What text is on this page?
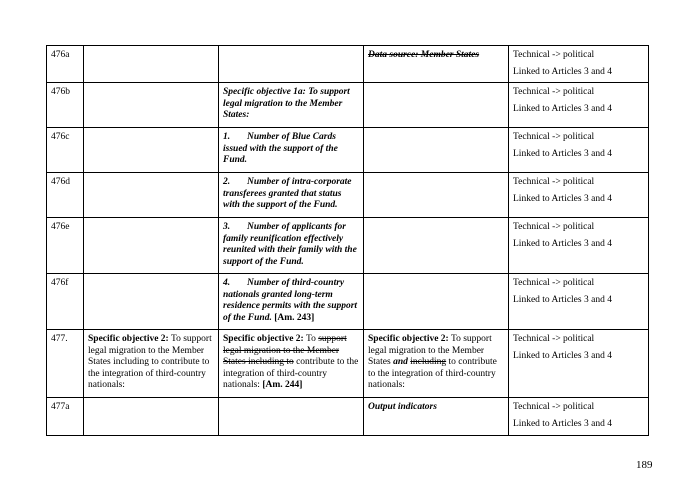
476a			Data source: Member States	Technical -> political
Linked to Articles 3 and 4

476b		Specific objective 1a: To support legal migration to the Member States:		Technical -> political
Linked to Articles 3 and 4

476c		1. Number of Blue Cards issued with the support of the Fund.		Technical -> political
Linked to Articles 3 and 4

476d		2. Number of intra-corporate transferees granted that status with the support of the Fund.		Technical -> political
Linked to Articles 3 and 4

476e		3. Number of applicants for family reunification effectively reunited with their family with the support of the Fund.		Technical -> political
Linked to Articles 3 and 4

476f		4. Number of third-country nationals granted long-term residence permits with the support of the Fund. [Am. 243]		Technical -> political
Linked to Articles 3 and 4

477.	Specific objective 2: To support legal migration to the Member States including to contribute to the integration of third-country nationals:	Specific objective 2: To support legal migration to the Member States including to contribute to the integration of third-country nationals: [Am. 244]	Specific objective 2: To support legal migration to the Member States and including to contribute to the integration of third-country nationals:	Technical -> political
Linked to Articles 3 and 4

477a			Output indicators	Technical -> political
Linked to Articles 3 and 4
189
